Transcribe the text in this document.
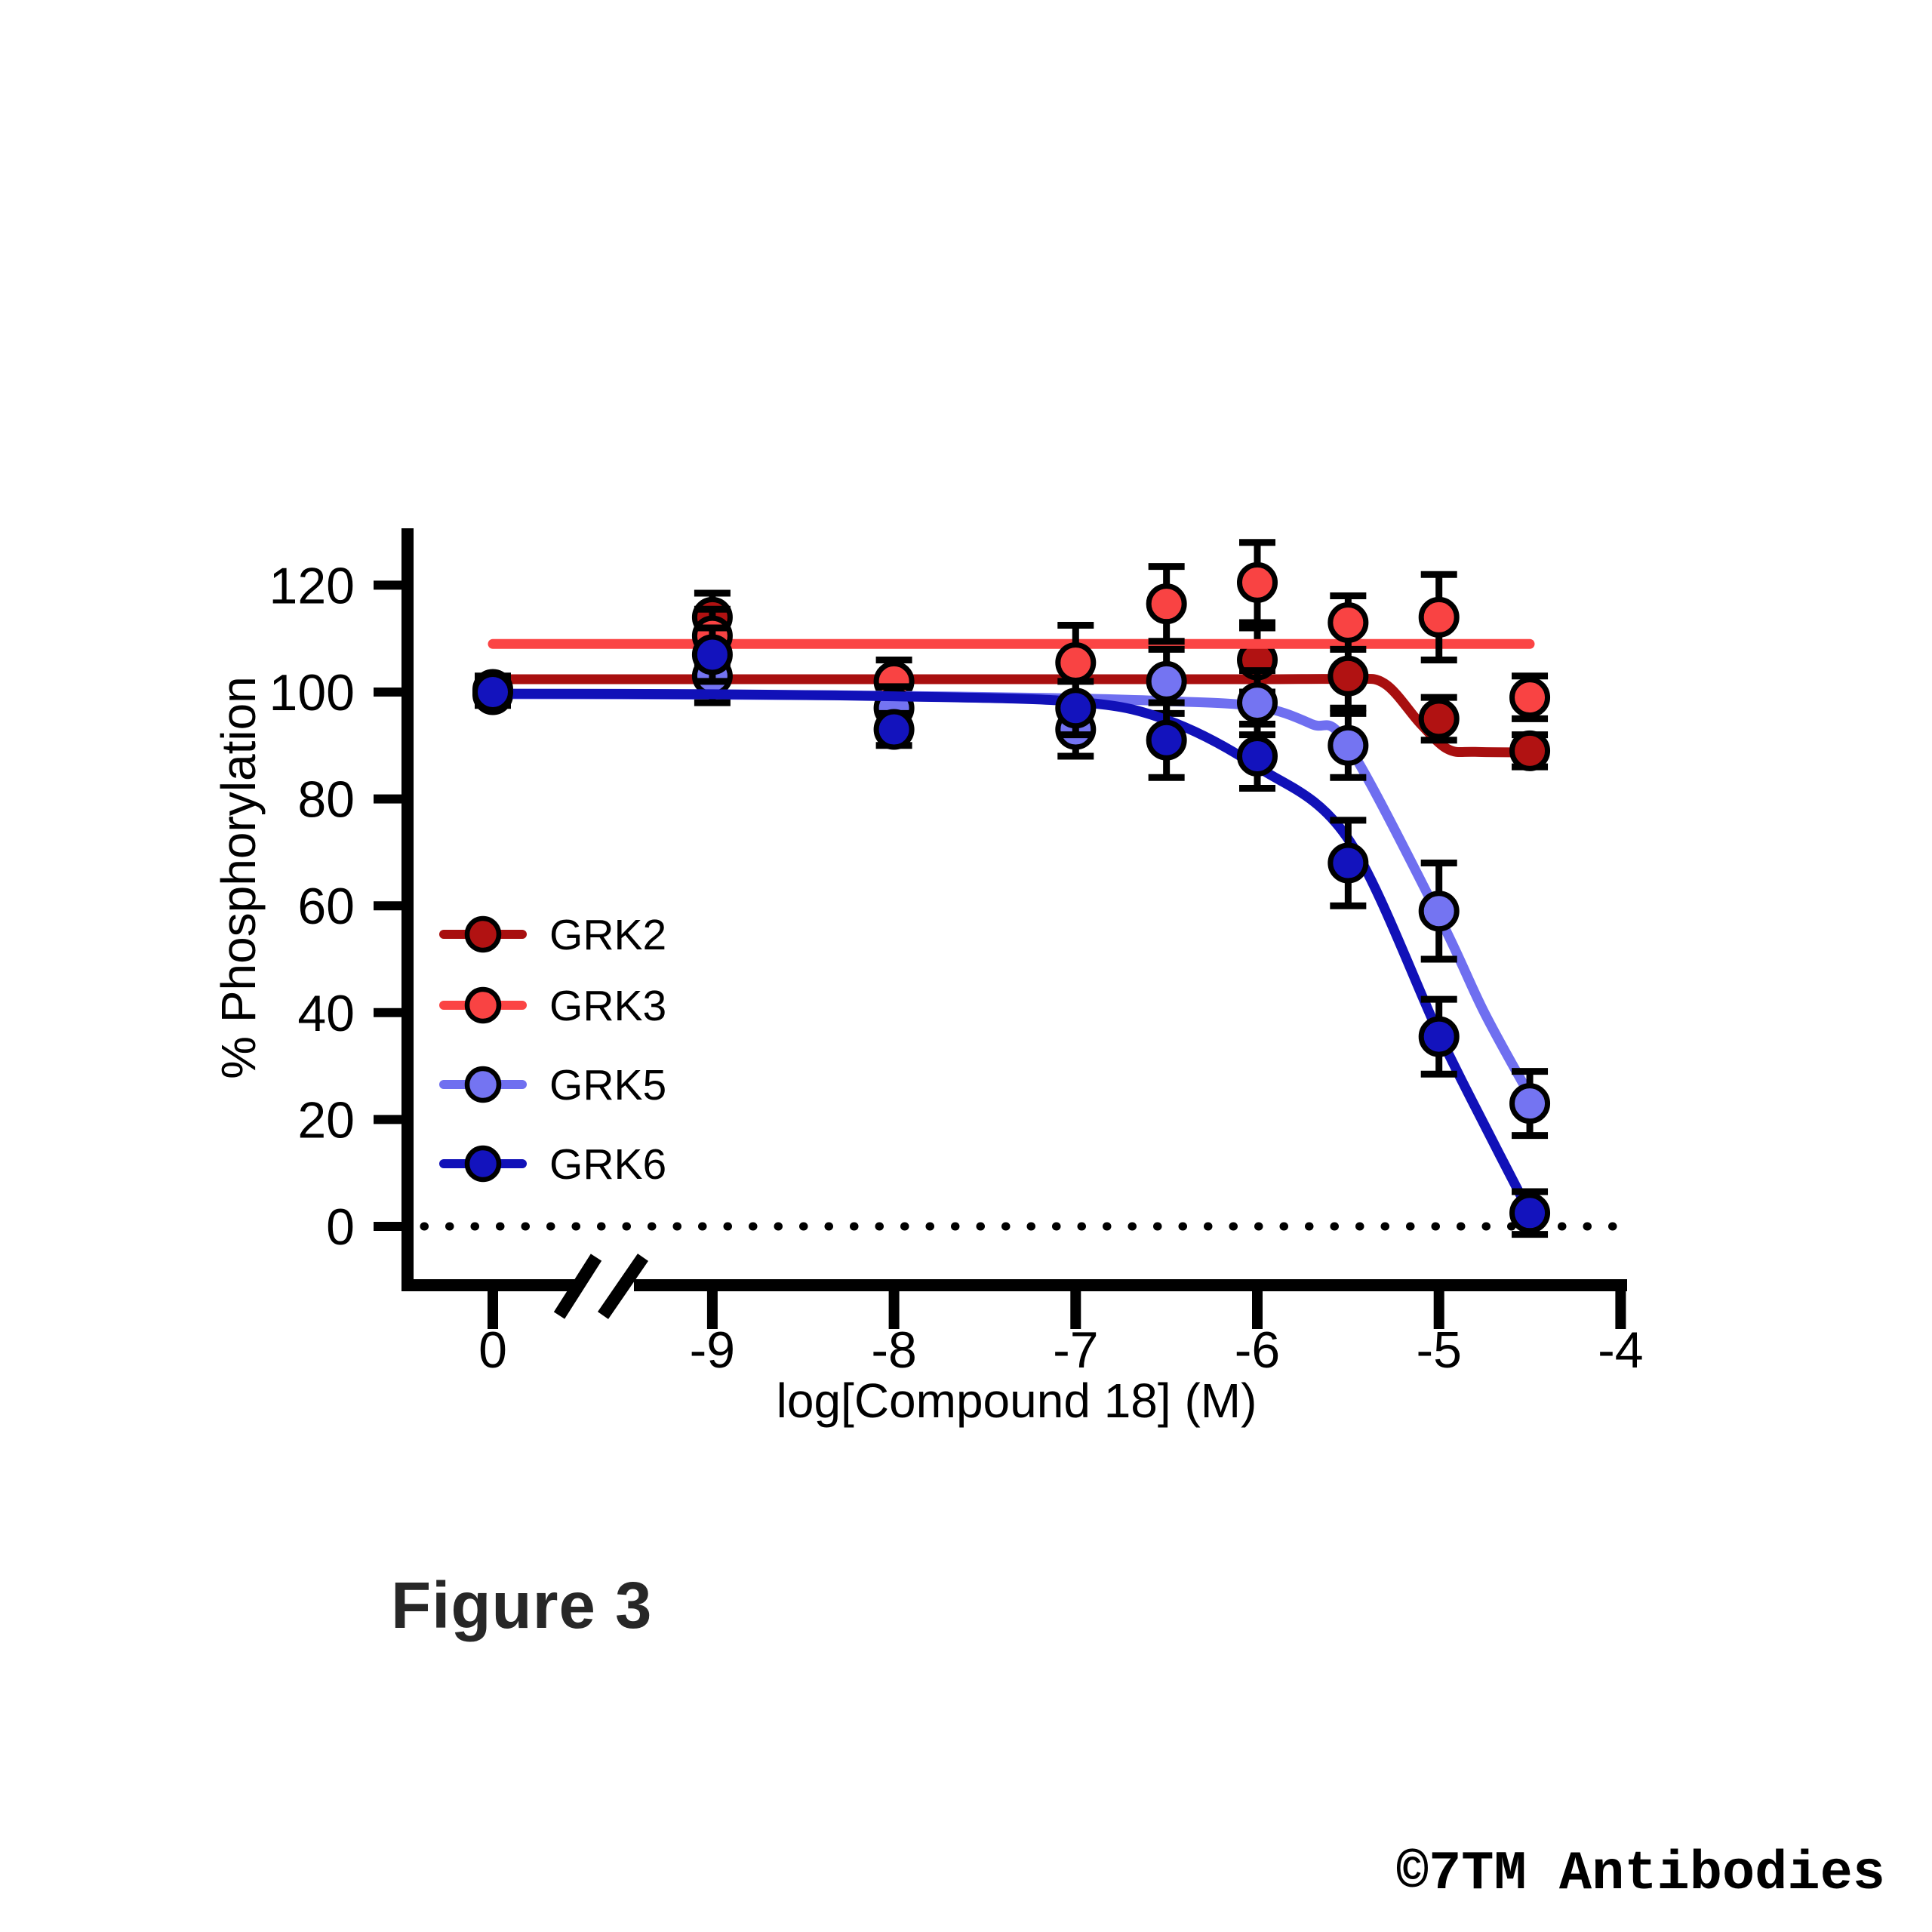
0
20
40
60
80
100
120
0	-9	-8	-7	-6	-5	-4
GRK2
GRK3
GRK5
GRK6
% Phosphorylation
log[Compound 18] (M)
Figure 3
©7TM Antibodies
